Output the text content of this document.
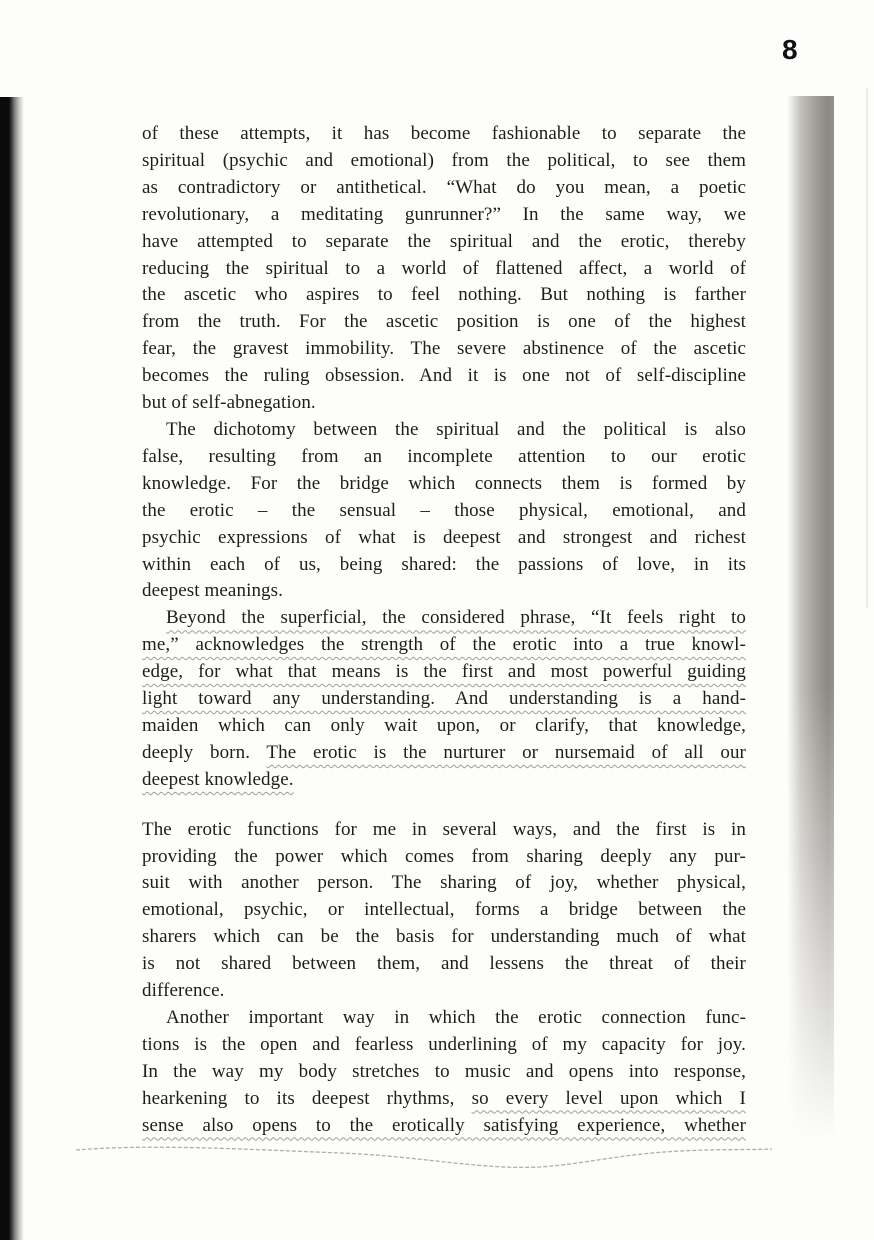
8
of these attempts, it has become fashionable to separate the
spiritual (psychic and emotional) from the political, to see them
as contradictory or antithetical. “What do you mean, a poetic
revolutionary, a meditating gunrunner?” In the same way, we
have attempted to separate the spiritual and the erotic, thereby
reducing the spiritual to a world of flattened affect, a world of
the ascetic who aspires to feel nothing. But nothing is farther
from the truth. For the ascetic position is one of the highest
fear, the gravest immobility. The severe abstinence of the ascetic
becomes the ruling obsession. And it is one not of self-discipline
but of self-abnegation.
The dichotomy between the spiritual and the political is also
false, resulting from an incomplete attention to our erotic
knowledge. For the bridge which connects them is formed by
the erotic – the sensual – those physical, emotional, and
psychic expressions of what is deepest and strongest and richest
within each of us, being shared: the passions of love, in its
deepest meanings.
Beyond the superficial, the considered phrase, “It feels right to
me,” acknowledges the strength of the erotic into a true knowl-
edge, for what that means is the first and most powerful guiding
light toward any understanding. And understanding is a hand-
maiden which can only wait upon, or clarify, that knowledge,
deeply born. The erotic is the nurturer or nursemaid of all our
deepest knowledge.
The erotic functions for me in several ways, and the first is in
providing the power which comes from sharing deeply any pur-
suit with another person. The sharing of joy, whether physical,
emotional, psychic, or intellectual, forms a bridge between the
sharers which can be the basis for understanding much of what
is not shared between them, and lessens the threat of their
difference.
Another important way in which the erotic connection func-
tions is the open and fearless underlining of my capacity for joy.
In the way my body stretches to music and opens into response,
hearkening to its deepest rhythms, so every level upon which I
sense also opens to the erotically satisfying experience, whether
